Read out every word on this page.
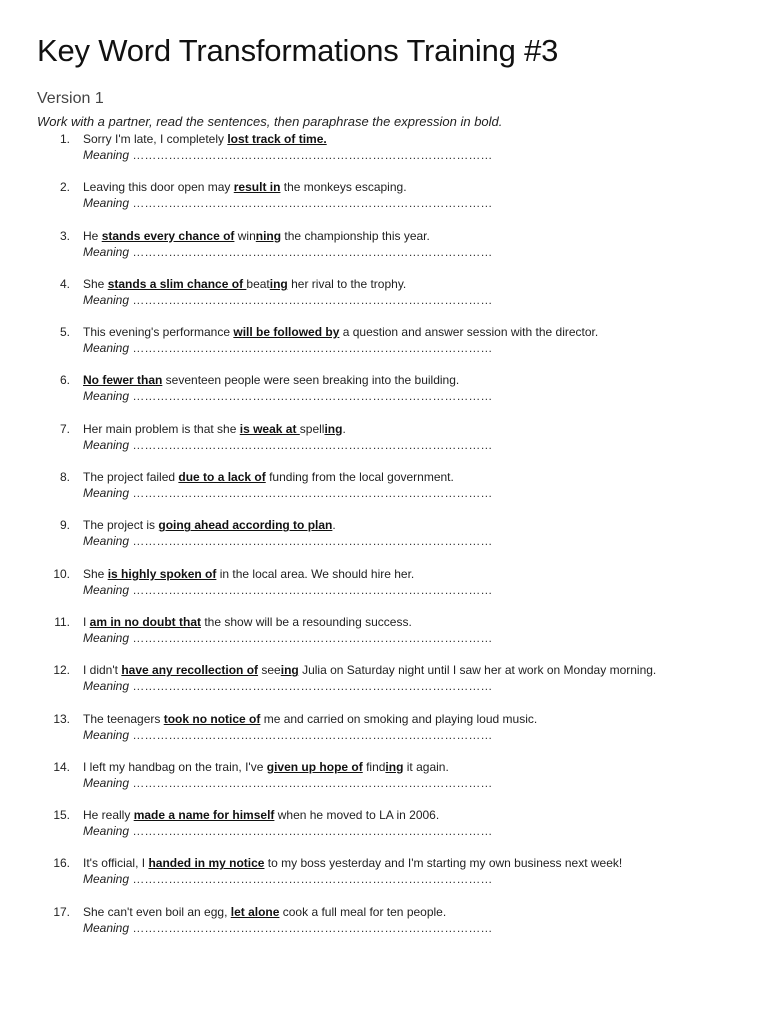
Key Word Transformations Training #3
Version 1
Work with a partner, read the sentences, then paraphrase the expression in bold.
1. Sorry I'm late, I completely lost track of time.
Meaning ………………………………………………………………………………
2. Leaving this door open may result in the monkeys escaping.
Meaning ………………………………………………………………………………
3. He stands every chance of winning the championship this year.
Meaning ………………………………………………………………………………
4. She stands a slim chance of beating her rival to the trophy.
Meaning ………………………………………………………………………………
5. This evening's performance will be followed by a question and answer session with the director.
Meaning ………………………………………………………………………………
6. No fewer than seventeen people were seen breaking into the building.
Meaning ………………………………………………………………………………
7. Her main problem is that she is weak at spelling.
Meaning ………………………………………………………………………………
8. The project failed due to a lack of funding from the local government.
Meaning ………………………………………………………………………………
9. The project is going ahead according to plan.
Meaning ………………………………………………………………………………
10. She is highly spoken of in the local area. We should hire her.
Meaning ………………………………………………………………………………
11. I am in no doubt that the show will be a resounding success.
Meaning ………………………………………………………………………………
12. I didn't have any recollection of seeing Julia on Saturday night until I saw her at work on Monday morning.
Meaning ………………………………………………………………………………
13. The teenagers took no notice of me and carried on smoking and playing loud music.
Meaning ………………………………………………………………………………
14. I left my handbag on the train, I've given up hope of finding it again.
Meaning ………………………………………………………………………………
15. He really made a name for himself when he moved to LA in 2006.
Meaning ………………………………………………………………………………
16. It's official, I handed in my notice to my boss yesterday and I'm starting my own business next week!
Meaning ………………………………………………………………………………
17. She can't even boil an egg, let alone cook a full meal for ten people.
Meaning ………………………………………………………………………………
